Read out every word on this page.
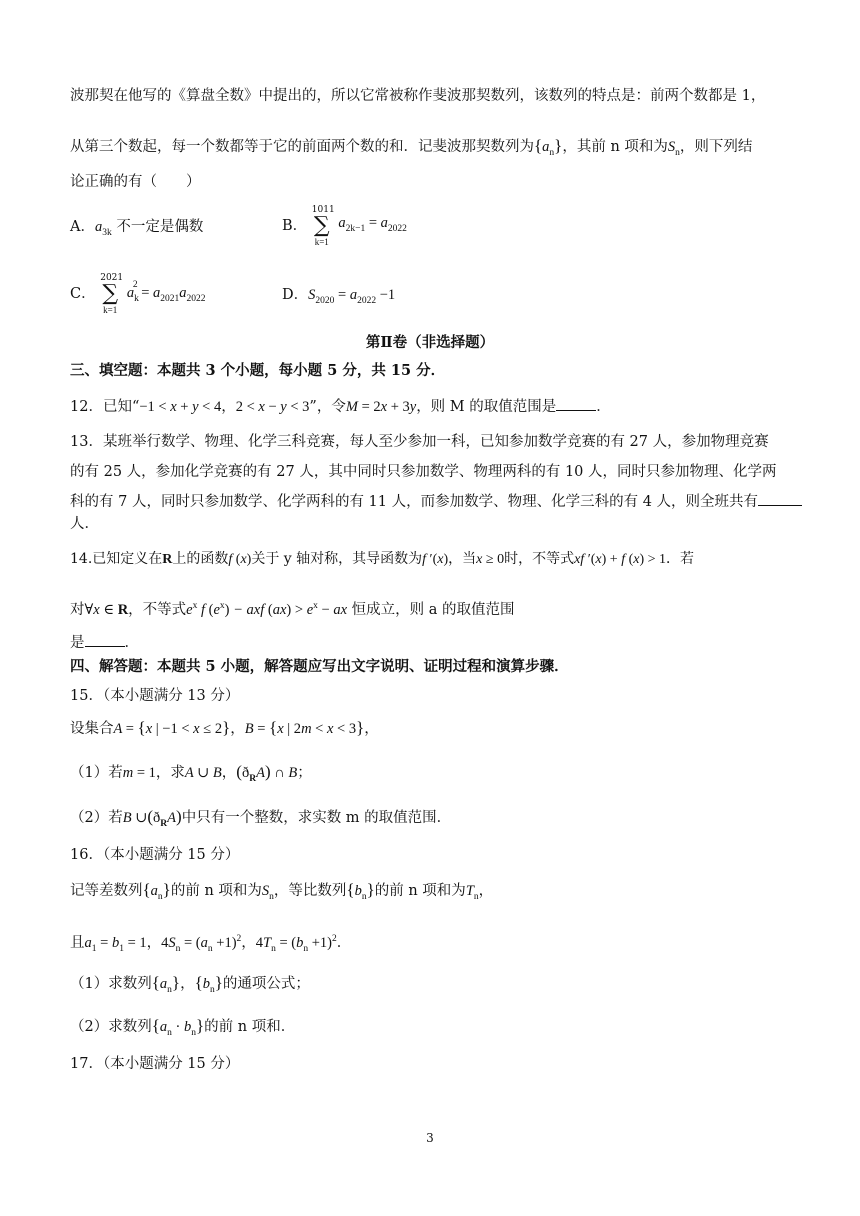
波那契在他写的《算盘全数》中提出的，所以它常被称作斐波那契数列，该数列的特点是：前两个数都是 1，
从第三个数起，每一个数都等于它的前面两个数的和．记斐波那契数列为$\{a_n\}$，其前 n 项和为$S_n$，则下列结
论正确的有（　　）
A．$a_{3k}$ 不一定是偶数	B．
1011
∑
k=1
$a_{2k-1} = a_{2022}$
C．
2021
∑
k=1
$a_k^2 = a_{2021}a_{2022}$	D．$S_{2020} = a_{2022} -1$
第Ⅱ卷（非选择题）
三、填空题：本题共 3 个小题，每小题 5 分，共 15 分．
12．已知“−1 < x + y < 4，2 < x − y < 3”，令M = 2x + 3y，则 M 的取值范围是	．
13．某班举行数学、物理、化学三科竞赛，每人至少参加一科，已知参加数学竞赛的有 27 人，参加物理竞赛
的有 25 人，参加化学竞赛的有 27 人，其中同时只参加数学、物理两科的有 10 人，同时只参加物理、化学两
科的有 7 人，同时只参加数学、化学两科的有 11 人，而参加数学、物理、化学三科的有 4 人，则全班共有
人．
14.已知定义在R上的函数f (x)关于 y 轴对称，其导函数为f ′(x)，当x ≥ 0时，不等式xf ′(x) + f (x) > 1．若
对∀x ∈ R，不等式$e^x$ f $(e^x)$ − axf $(ax) > e^x$ − ax 恒成立，则 a 的取值范围
是	．
四、解答题：本题共 5 小题，解答题应写出文字说明、证明过程和演算步骤．
15．（本小题满分 13 分）
设集合A = {x | −1 < x ≤ 2}，B = {x | 2m < x < 3}，
（1）若m = 1，求A ∪ B，$(ð_RA)$ ∩ B；
（2）若B $\cup(ð_RA)$中只有一个整数，求实数 m 的取值范围．
16．（本小题满分 15 分）
记等差数列$\{a_n\}$的前 n 项和为$S_n$，等比数列$\{b_n\}$的前 n 项和为$T_n$，
且$a_1 = b_1 = 1$，$4S_n = (a_n +1)^2$，$4T_n = (b_n +1)^2$．
（1）求数列$\{a_n\}$，$\{b_n\}$的通项公式；
（2）求数列$\{a_n \cdot b_n\}$的前 n 项和．
17．（本小题满分 15 分）
3
